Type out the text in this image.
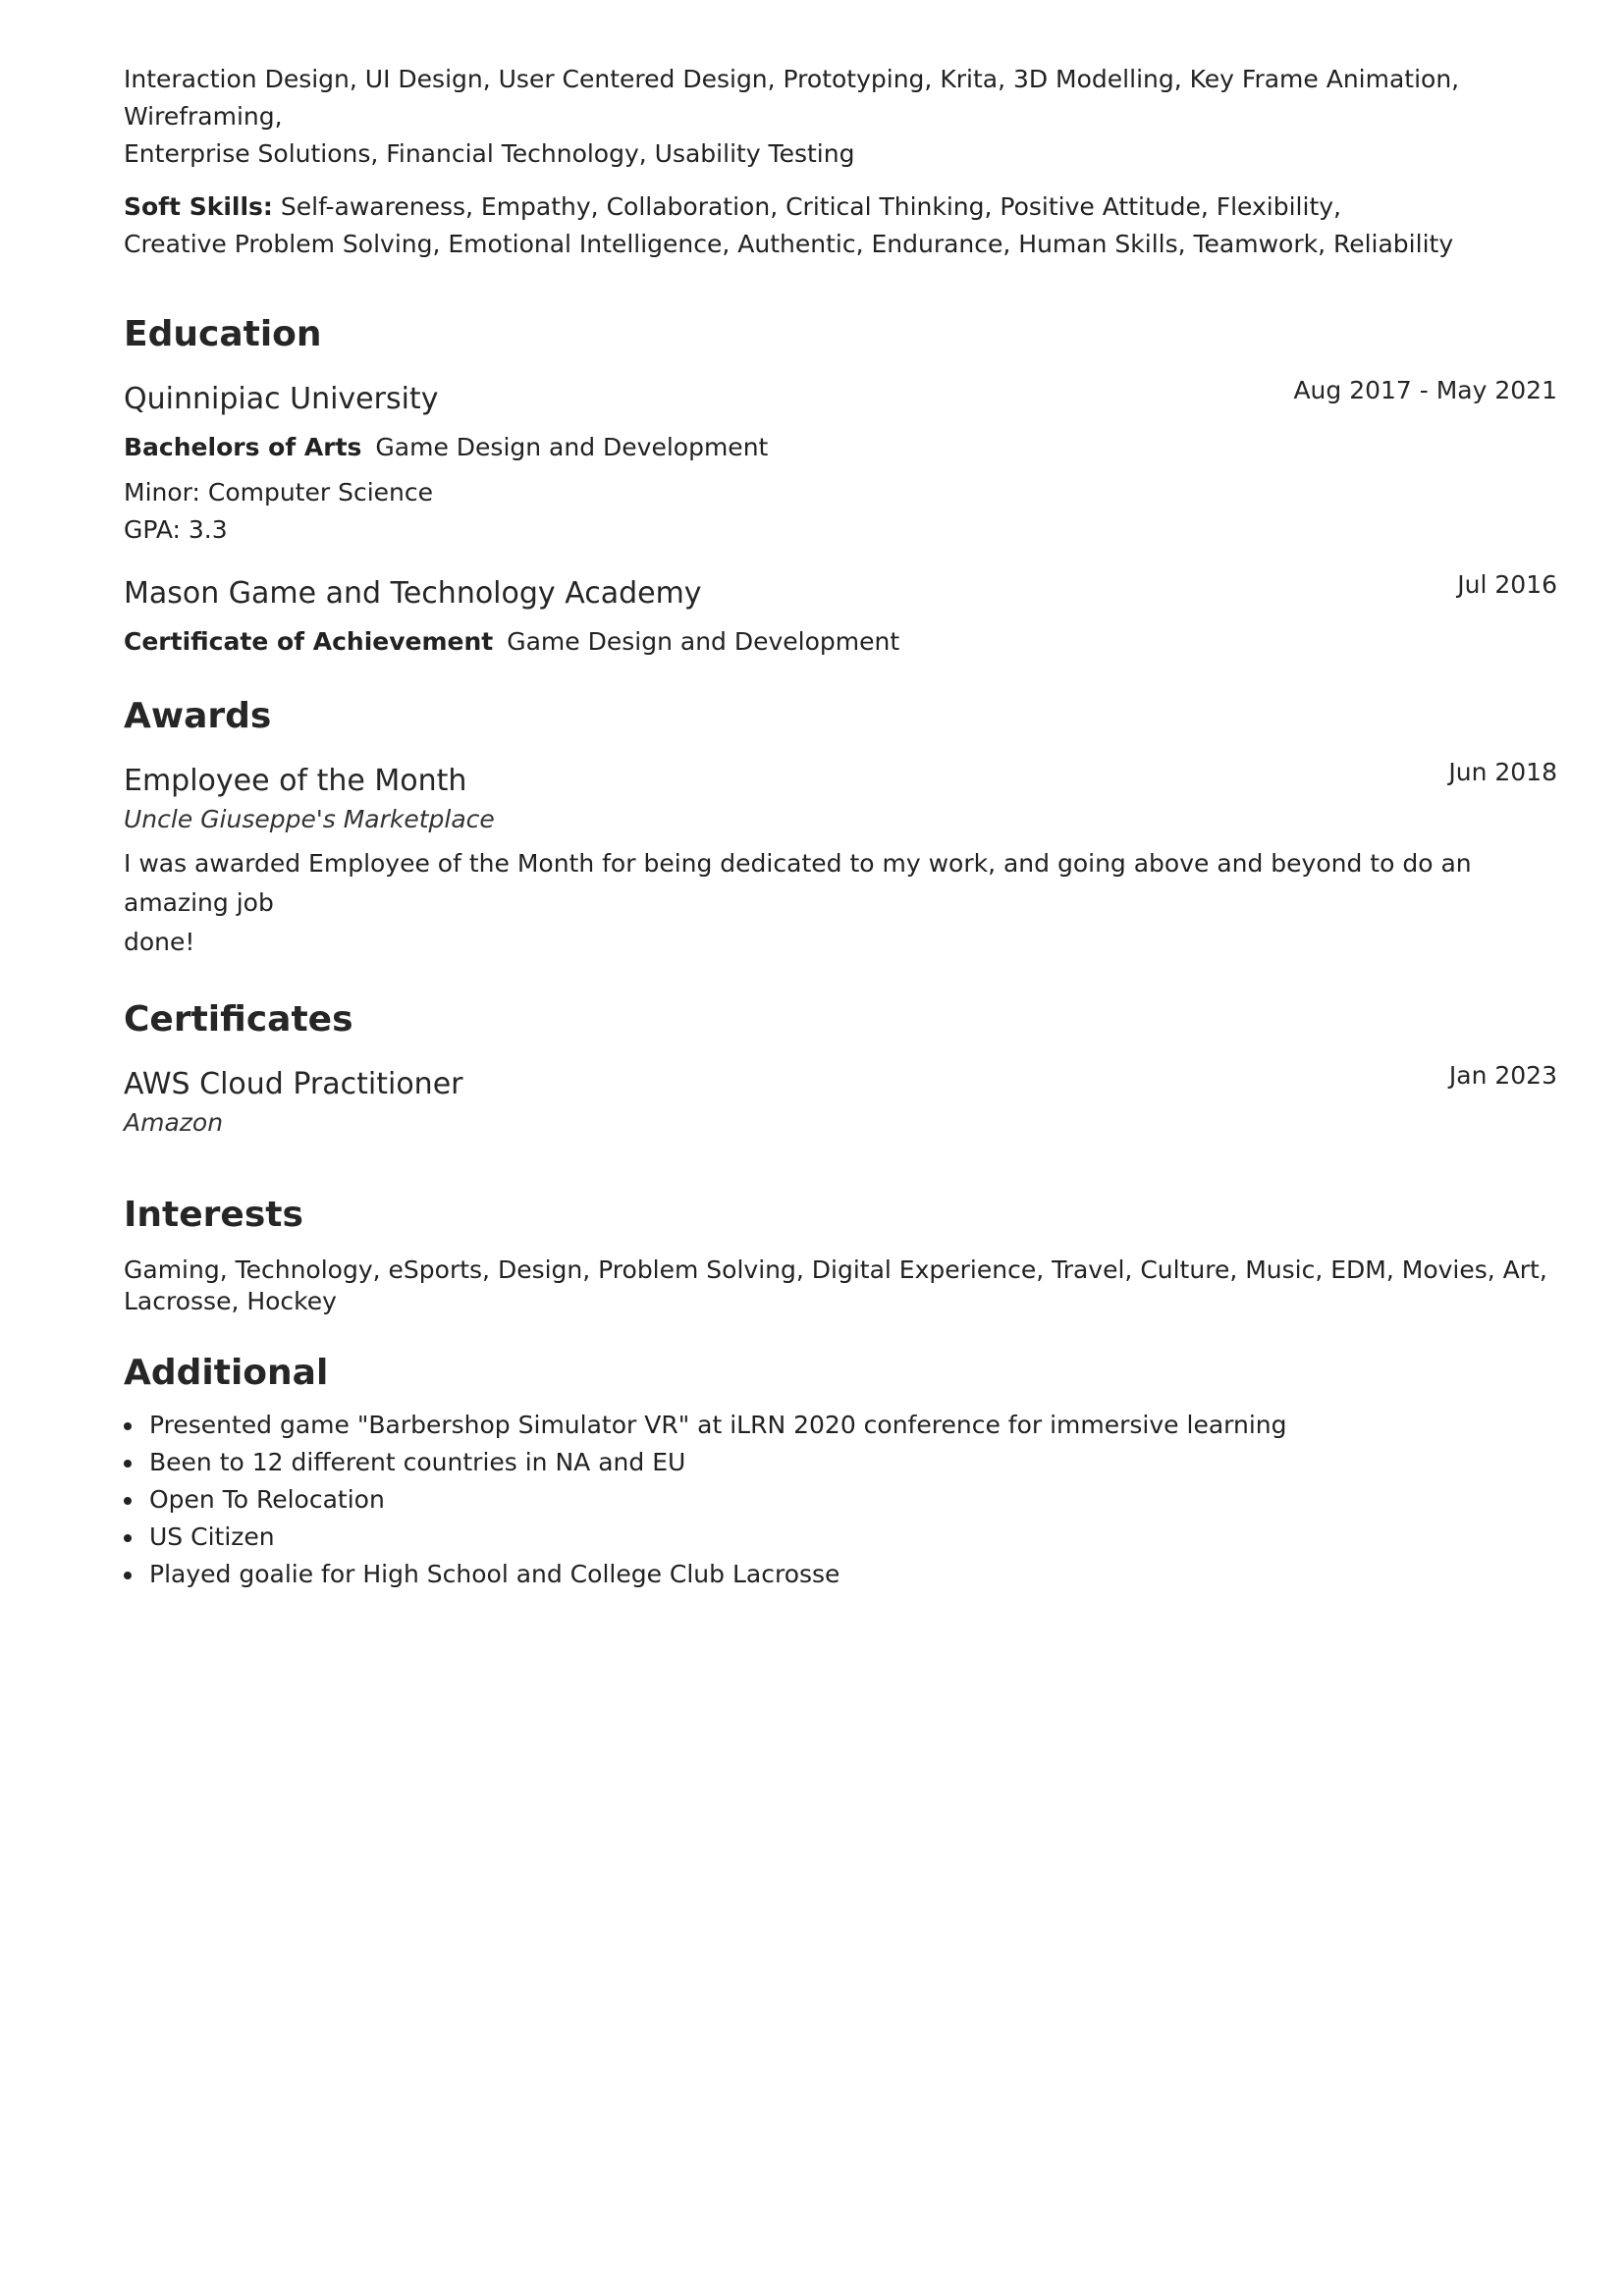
Interaction Design, UI Design, User Centered Design, Prototyping, Krita, 3D Modelling, Key Frame Animation, Wireframing,

Enterprise Solutions, Financial Technology, Usability Testing

Soft Skills: Self-awareness, Empathy, Collaboration, Critical Thinking, Positive Attitude, Flexibility,

Creative Problem Solving, Emotional Intelligence, Authentic, Endurance, Human Skills, Teamwork, Reliability

Education

Quinnipiac University	Aug 2017 - May 2021

Bachelors of Arts Game Design and Development

Minor: Computer Science

GPA: 3.3

Mason Game and Technology Academy	Jul 2016

Certificate of Achievement Game Design and Development

Awards

Employee of the Month	Jun 2018

Uncle Giuseppe's Marketplace

I was awarded Employee of the Month for being dedicated to my work, and going above and beyond to do an amazing job

done!

Certificates

AWS Cloud Practitioner	Jan 2023

Amazon

Interests

Gaming, Technology, eSports, Design, Problem Solving, Digital Experience, Travel, Culture, Music, EDM, Movies, Art,

Lacrosse, Hockey

Additional
Presented game "Barbershop Simulator VR" at iLRN 2020 conference for immersive learning
Been to 12 different countries in NA and EU
Open To Relocation
US Citizen
Played goalie for High School and College Club Lacrosse
